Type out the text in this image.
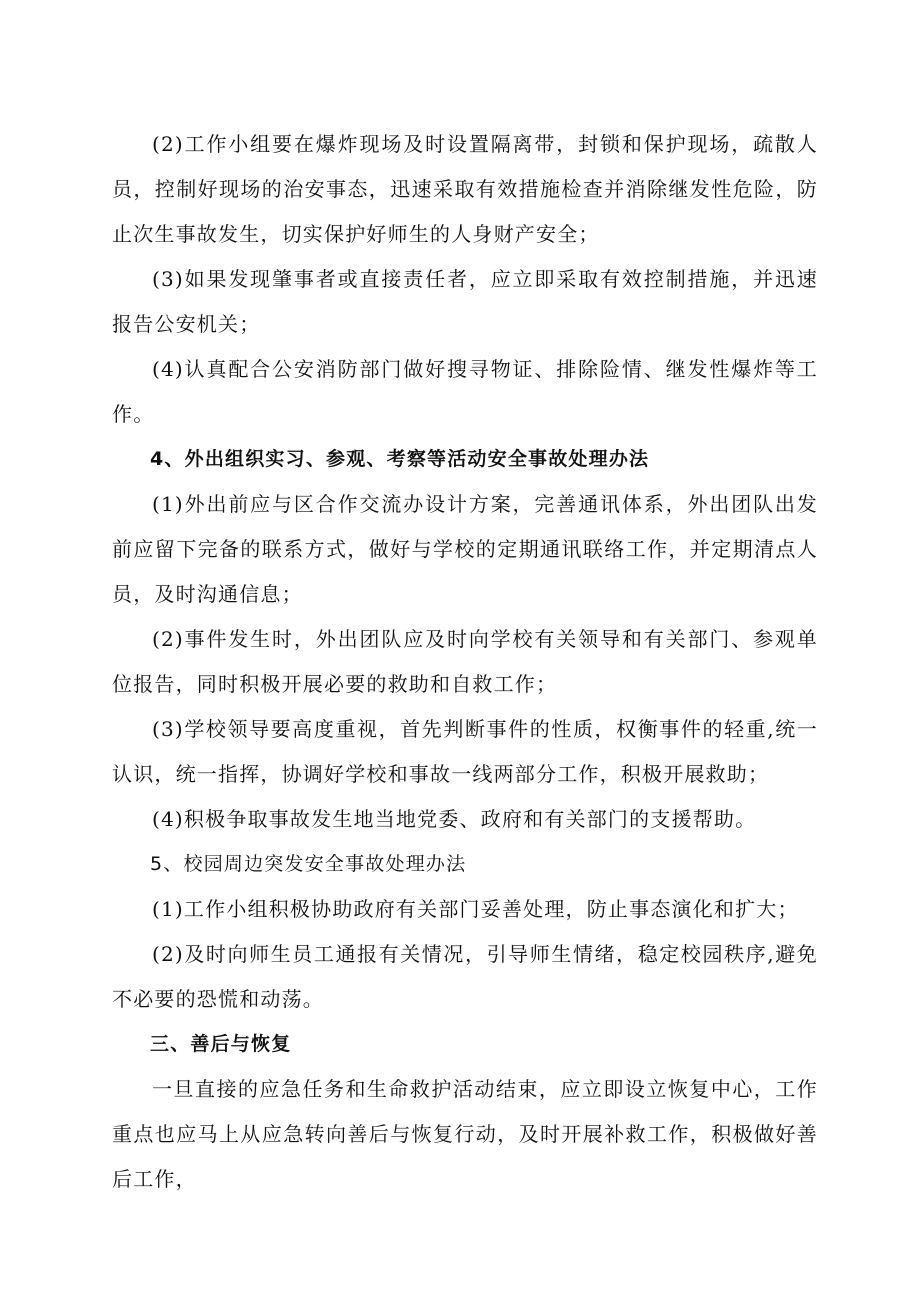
(2)工作小组要在爆炸现场及时设置隔离带，封锁和保护现场，疏散人员，控制好现场的治安事态，迅速采取有效措施检查并消除继发性危险，防止次生事故发生，切实保护好师生的人身财产安全；

(3)如果发现肇事者或直接责任者，应立即采取有效控制措施，并迅速报告公安机关；

(4)认真配合公安消防部门做好搜寻物证、排除险情、继发性爆炸等工作。

4、外出组织实习、参观、考察等活动安全事故处理办法

(1)外出前应与区合作交流办设计方案，完善通讯体系，外出团队出发前应留下完备的联系方式，做好与学校的定期通讯联络工作，并定期清点人员，及时沟通信息；

(2)事件发生时，外出团队应及时向学校有关领导和有关部门、参观单位报告，同时积极开展必要的救助和自救工作；

(3)学校领导要高度重视，首先判断事件的性质，权衡事件的轻重,统一认识，统一指挥，协调好学校和事故一线两部分工作，积极开展救助；

(4)积极争取事故发生地当地党委、政府和有关部门的支援帮助。

5、校园周边突发安全事故处理办法

(1)工作小组积极协助政府有关部门妥善处理，防止事态演化和扩大；

(2)及时向师生员工通报有关情况，引导师生情绪，稳定校园秩序,避免不必要的恐慌和动荡。

三、善后与恢复

一旦直接的应急任务和生命救护活动结束，应立即设立恢复中心，工作重点也应马上从应急转向善后与恢复行动，及时开展补救工作，积极做好善后工作，
